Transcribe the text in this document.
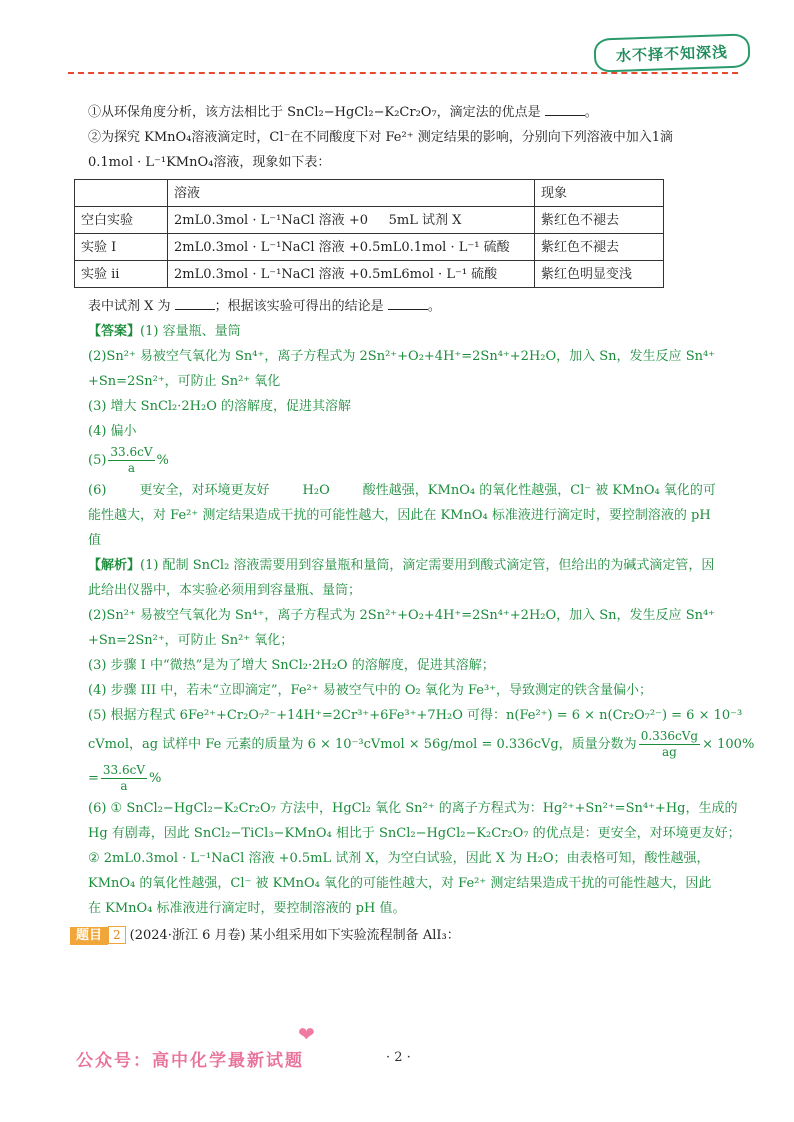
水不择不知深浅
①从环保角度分析，该方法相比于 SnCl₂−HgCl₂−K₂Cr₂O₇，滴定法的优点是	。
②为探究 KMnO₄溶液滴定时，Cl⁻在不同酸度下对 Fe²⁺ 测定结果的影响，分别向下列溶液中加入1滴
0.1mol · L⁻¹KMnO₄溶液，现象如下表：
	溶液	现象
空白实验	2mL0.3mol · L⁻¹NaCl 溶液 +0     5mL 试剂 X	紫红色不褪去
实验 I	2mL0.3mol · L⁻¹NaCl 溶液 +0.5mL0.1mol · L⁻¹ 硫酸	紫红色不褪去
实验 ii	2mL0.3mol · L⁻¹NaCl 溶液 +0.5mL6mol · L⁻¹ 硫酸	紫红色明显变浅
表中试剂 X 为	；根据该实验可得出的结论是	。
【答案】(1) 容量瓶、量筒
(2)Sn²⁺ 易被空气氧化为 Sn⁴⁺，离子方程式为 2Sn²⁺+O₂+4H⁺=2Sn⁴⁺+2H₂O，加入 Sn，发生反应 Sn⁴⁺
+Sn=2Sn²⁺，可防止 Sn²⁺ 氧化
(3) 增大 SnCl₂·2H₂O 的溶解度，促进其溶解
(4) 偏小
$(5) \frac{33.6cV}{a}$ %
(6)        更安全，对环境更友好        H₂O        酸性越强，KMnO₄ 的氧化性越强，Cl⁻ 被 KMnO₄ 氧化的可
能性越大，对 Fe²⁺ 测定结果造成干扰的可能性越大，因此在 KMnO₄ 标准液进行滴定时，要控制溶液的 pH
值
【解析】(1) 配制 SnCl₂ 溶液需要用到容量瓶和量筒，滴定需要用到酸式滴定管，但给出的为碱式滴定管，因
此给出仪器中，本实验必须用到容量瓶、量筒；
(2)Sn²⁺ 易被空气氧化为 Sn⁴⁺，离子方程式为 2Sn²⁺+O₂+4H⁺=2Sn⁴⁺+2H₂O，加入 Sn，发生反应 Sn⁴⁺
+Sn=2Sn²⁺，可防止 Sn²⁺ 氧化；
(3) 步骤 I 中“微热”是为了增大 SnCl₂·2H₂O 的溶解度，促进其溶解；
(4) 步骤 III 中，若未“立即滴定”，Fe²⁺ 易被空气中的 O₂ 氧化为 Fe³⁺，导致测定的铁含量偏小；
(5) 根据方程式 6Fe²⁺+Cr₂O₇²⁻+14H⁺=2Cr³⁺+6Fe³⁺+7H₂O 可得：n(Fe²⁺) = 6 × n(Cr₂O₇²⁻) = 6 × 10⁻³
cVmol，ag 试样中 Fe 元素的质量为 6 × 10⁻³cVmol × 56g/mol = 0.336cVg，质量分数为 $\frac{\text{0.336cVg}}{ag} \times 100\%$
= $\frac{33.6cV}{a}$ %
(6) ① SnCl₂−HgCl₂−K₂Cr₂O₇ 方法中，HgCl₂ 氧化 Sn²⁺ 的离子方程式为：Hg²⁺+Sn²⁺=Sn⁴⁺+Hg，生成的
Hg 有剧毒，因此 SnCl₂−TiCl₃−KMnO₄ 相比于 SnCl₂−HgCl₂−K₂Cr₂O₇ 的优点是：更安全，对环境更友好；
② 2mL0.3mol · L⁻¹NaCl 溶液 +0.5mL 试剂 X，为空白试验，因此 X 为 H₂O；由表格可知，酸性越强，
KMnO₄ 的氧化性越强，Cl⁻ 被 KMnO₄ 氧化的可能性越大，对 Fe²⁺ 测定结果造成干扰的可能性越大，因此
在 KMnO₄ 标准液进行滴定时，要控制溶液的 pH 值。
题目 2 (2024·浙江 6 月卷) 某小组采用如下实验流程制备 AlI₃：
❤
公众号：高中化学最新试题	· 2 ·
